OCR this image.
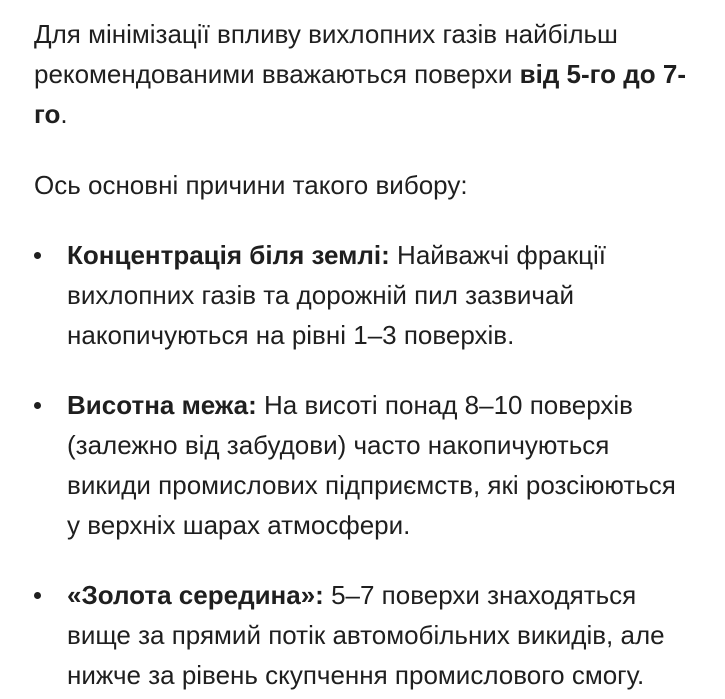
Для мінімізації впливу вихлопних газів найбільш рекомендованими вважаються поверхи від 5-го до 7-го.

Ось основні причини такого вибору:

Концентрація біля землі: Найважчі фракції вихлопних газів та дорожній пил зазвичай накопичуються на рівні 1–3 поверхів.
Висотна межа: На висоті понад 8–10 поверхів (залежно від забудови) часто накопичуються викиди промислових підприємств, які розсіюються у верхніх шарах атмосфери.
«Золота середина»: 5–7 поверхи знаходяться вище за прямий потік автомобільних викидів, але нижче за рівень скупчення промислового смогу.
